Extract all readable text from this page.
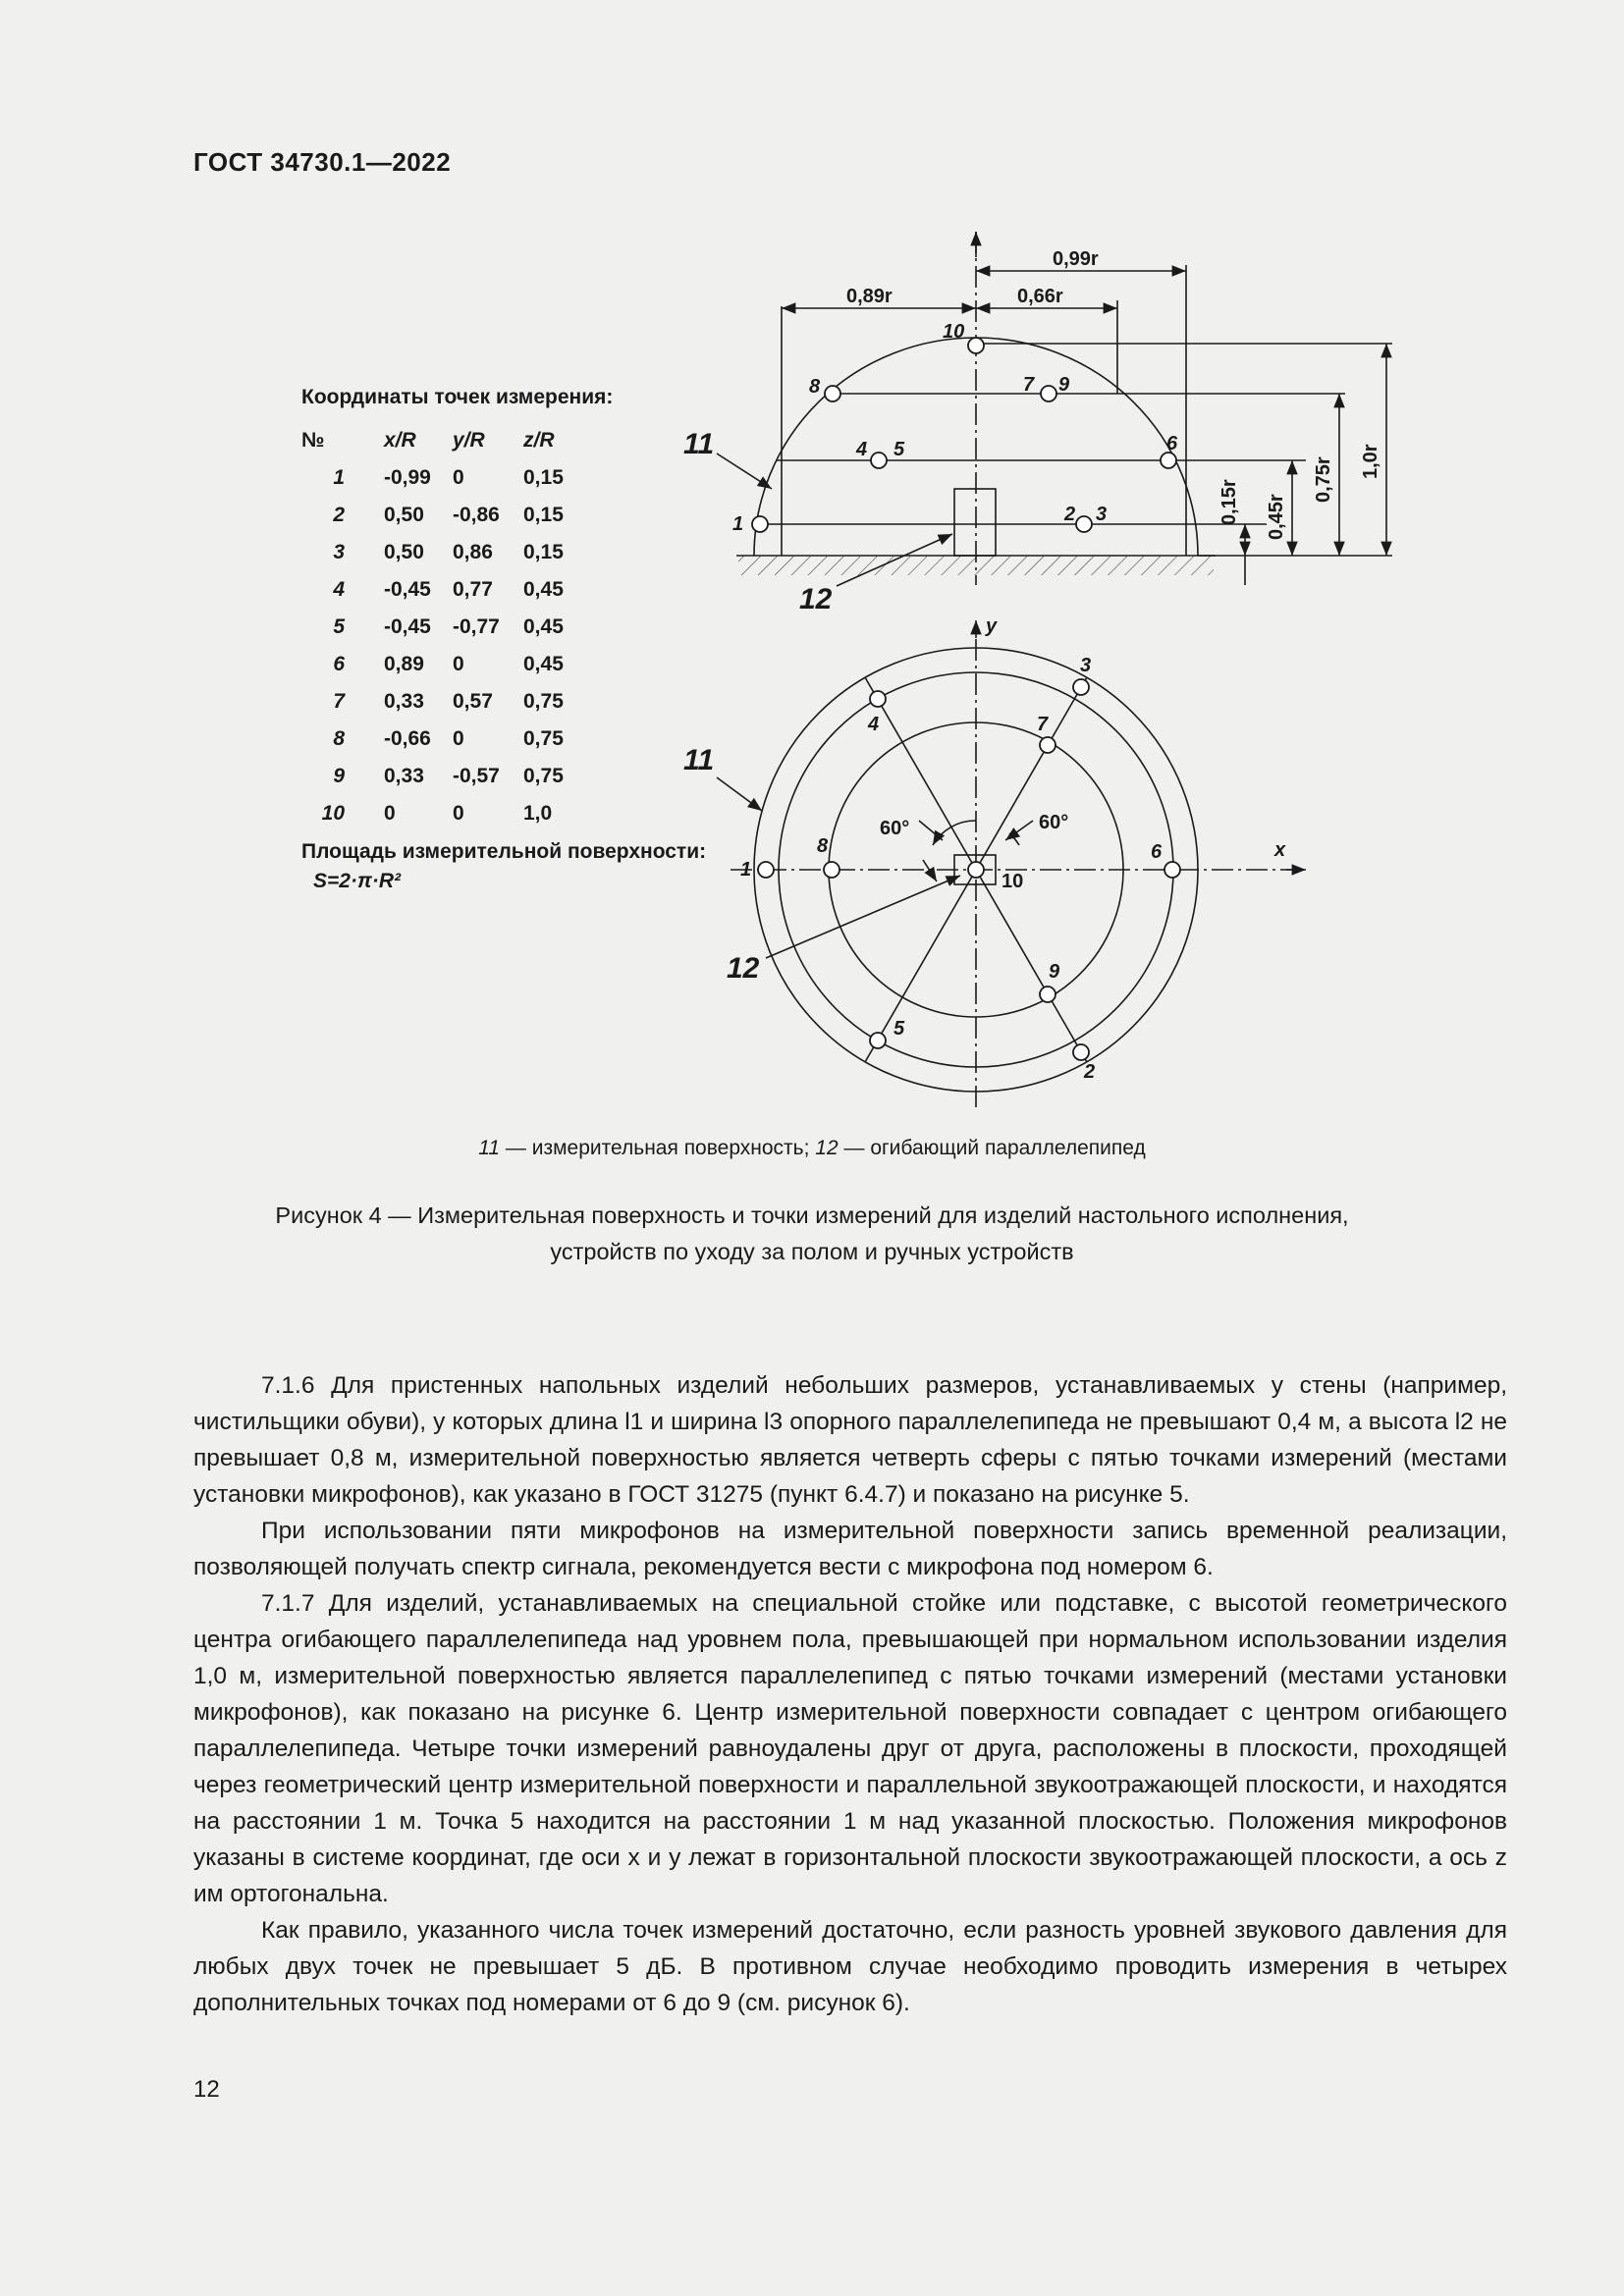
ГОСТ 34730.1—2022
Координаты точек измерения:
№	x/R	y/R	z/R
1	-0,99	0	0,15
2	0,50	-0,86	0,15
3	0,50	0,86	0,15
4	-0,45	0,77	0,45
5	-0,45	-0,77	0,45
6	0,89	0	0,45
7	0,33	0,57	0,75
8	-0,66	0	0,75
9	0,33	-0,57	0,75
10	0	0	1,0
Площадь измерительной поверхности:
S=2·π·R²
0,99r
0,89r	0,66r
0,15r 0,45r
0,75r 1,0r
11
12
10
8	7 9
4 5	6
1	2 3
x
y
60°	60°
11
12
3
4	7
1
8	6
10
9
5
2
11 — измерительная поверхность; 12 — огибающий параллелепипед
Рисунок 4 — Измерительная поверхность и точки измерений для изделий настольного исполнения,
устройств по уходу за полом и ручных устройств

7.1.6 Для пристенных напольных изделий небольших размеров, устанавливаемых у стены (например, чистильщики обуви), у которых длина l1 и ширина l3 опорного параллелепипеда не превышают 0,4 м, а высота l2 не превышает 0,8 м, измерительной поверхностью является четверть сферы с пятью точками измерений (местами установки микрофонов), как указано в ГОСТ 31275 (пункт 6.4.7) и показано на рисунке 5.

При использовании пяти микрофонов на измерительной поверхности запись временной реализации, позволяющей получать спектр сигнала, рекомендуется вести с микрофона под номером 6.

7.1.7 Для изделий, устанавливаемых на специальной стойке или подставке, с высотой геометрического центра огибающего параллелепипеда над уровнем пола, превышающей при нормальном использовании изделия 1,0 м, измерительной поверхностью является параллелепипед с пятью точками измерений (местами установки микрофонов), как показано на рисунке 6. Центр измерительной поверхности совпадает с центром огибающего параллелепипеда. Четыре точки измерений равноудалены друг от друга, расположены в плоскости, проходящей через геометрический центр измерительной поверхности и параллельной звукоотражающей плоскости, и находятся на расстоянии 1 м. Точка 5 находится на расстоянии 1 м над указанной плоскостью. Положения микрофонов указаны в системе координат, где оси x и y лежат в горизонтальной плоскости звукоотражающей плоскости, а ось z им ортогональна.

Как правило, указанного числа точек измерений достаточно, если разность уровней звукового давления для любых двух точек не превышает 5 дБ. В противном случае необходимо проводить измерения в четырех дополнительных точках под номерами от 6 до 9 (см. рисунок 6).

12
